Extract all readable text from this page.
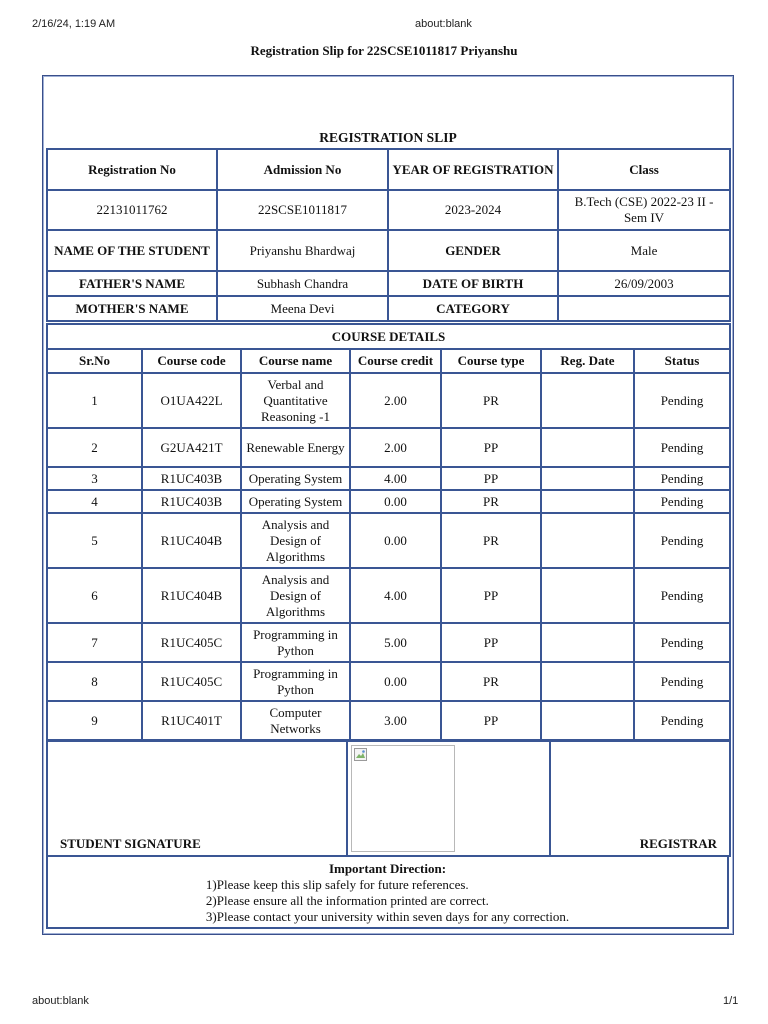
2/16/24, 1:19 AM	about:blank
Registration Slip for 22SCSE1011817 Priyanshu
REGISTRATION SLIP
Registration No	Admission No	YEAR OF REGISTRATION	Class
22131011762	22SCSE1011817	2023-2024	B.Tech (CSE) 2022-23 II - Sem IV
NAME OF THE STUDENT	Priyanshu Bhardwaj	GENDER	Male
FATHER'S NAME	Subhash Chandra	DATE OF BIRTH	26/09/2003
MOTHER'S NAME	Meena Devi	CATEGORY	
COURSE DETAILS						
Sr.No	Course code	Course name	Course credit	Course type	Reg. Date	Status
1	O1UA422L	Verbal and Quantitative Reasoning -1	2.00	PR		Pending
2	G2UA421T	Renewable Energy	2.00	PP		Pending
3	R1UC403B	Operating System	4.00	PP		Pending
4	R1UC403B	Operating System	0.00	PR		Pending
5	R1UC404B	Analysis and Design of Algorithms	0.00	PR		Pending
6	R1UC404B	Analysis and Design of Algorithms	4.00	PP		Pending
7	R1UC405C	Programming in Python	5.00	PP		Pending
8	R1UC405C	Programming in Python	0.00	PR		Pending
9	R1UC401T	Computer Networks	3.00	PP		Pending
STUDENT SIGNATURE		REGISTRAR
Important Direction:
1)Please keep this slip safely for future references.
2)Please ensure all the information printed are correct.
3)Please contact your university within seven days for any correction.
about:blank	1/1
